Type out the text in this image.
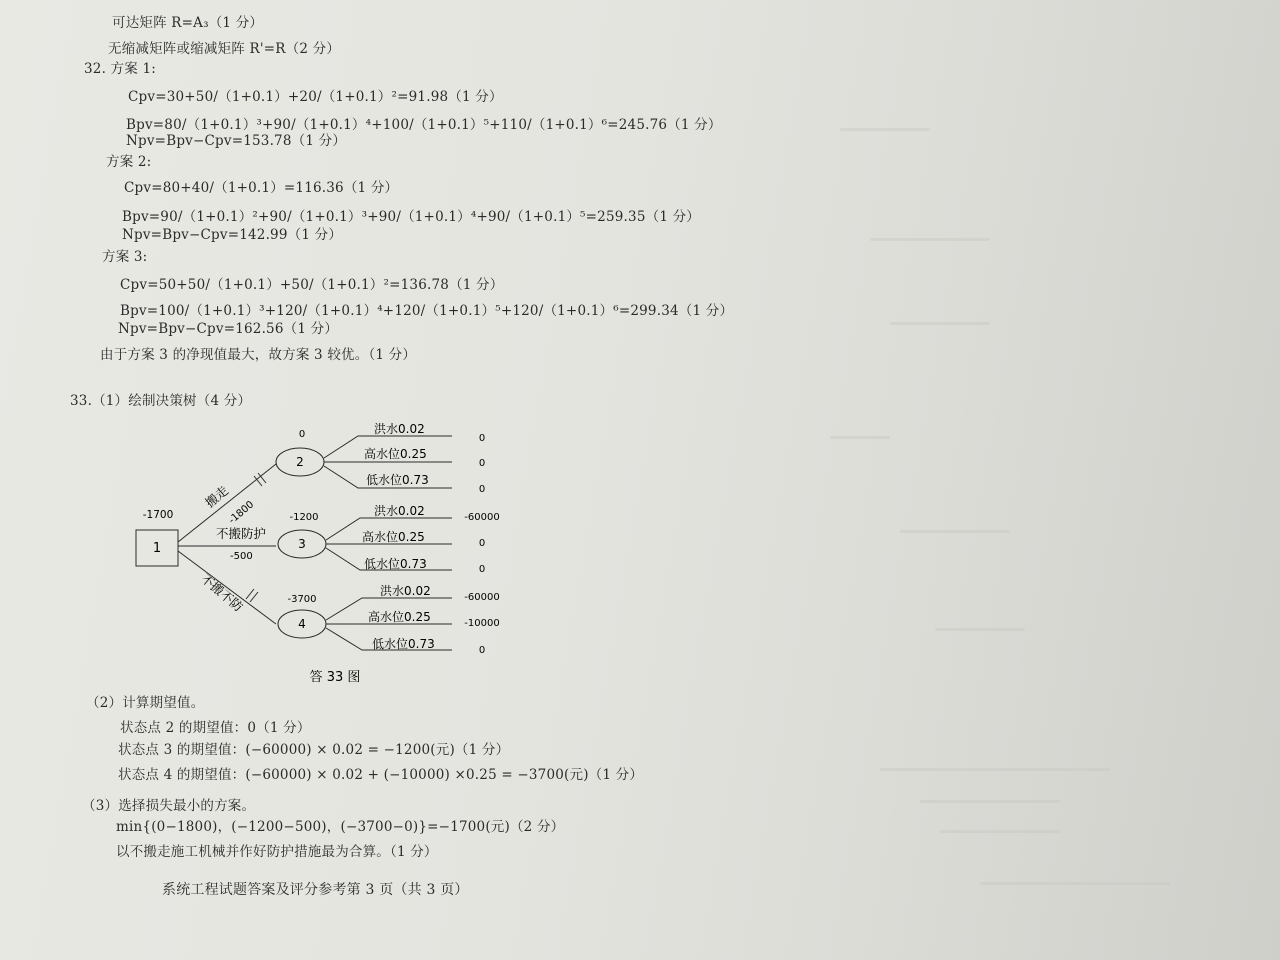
可达矩阵 R=A₃（1 分）
无缩减矩阵或缩减矩阵 R'=R（2 分）
32. 方案 1:
Cpv=30+50/（1+0.1）+20/（1+0.1）²=91.98（1 分）
Bpv=80/（1+0.1）³+90/（1+0.1）⁴+100/（1+0.1）⁵+110/（1+0.1）⁶=245.76（1 分）
Npv=Bpv−Cpv=153.78（1 分）
方案 2:
Cpv=80+40/（1+0.1）=116.36（1 分）
Bpv=90/（1+0.1）²+90/（1+0.1）³+90/（1+0.1）⁴+90/（1+0.1）⁵=259.35（1 分）
Npv=Bpv−Cpv=142.99（1 分）
方案 3:
Cpv=50+50/（1+0.1）+50/（1+0.1）²=136.78（1 分）
Bpv=100/（1+0.1）³+120/（1+0.1）⁴+120/（1+0.1）⁵+120/（1+0.1）⁶=299.34（1 分）
Npv=Bpv−Cpv=162.56（1 分）
由于方案 3 的净现值最大，故方案 3 较优。（1 分）
33.（1）绘制决策树（4 分）
1
-1700
搬走
-1800
不搬防护
-500
不搬不防
2
0
3
-1200
4
-3700
洪水0.02
高水位0.25
低水位0.73
0
0
0
洪水0.02
高水位0.25
低水位0.73
-60000
0
0
洪水0.02
高水位0.25
低水位0.73
-60000
-10000
0
答 33 图
（2）计算期望值。
状态点 2 的期望值：0（1 分）
状态点 3 的期望值：(−60000) × 0.02 = −1200(元)（1 分）
状态点 4 的期望值：(−60000) × 0.02 + (−10000) ×0.25 = −3700(元)（1 分）
（3）选择损失最小的方案。
min{(0−1800)，(−1200−500)，(−3700−0)}=−1700(元)（2 分）
以不搬走施工机械并作好防护措施最为合算。（1 分）
系统工程试题答案及评分参考第 3 页（共 3 页）
